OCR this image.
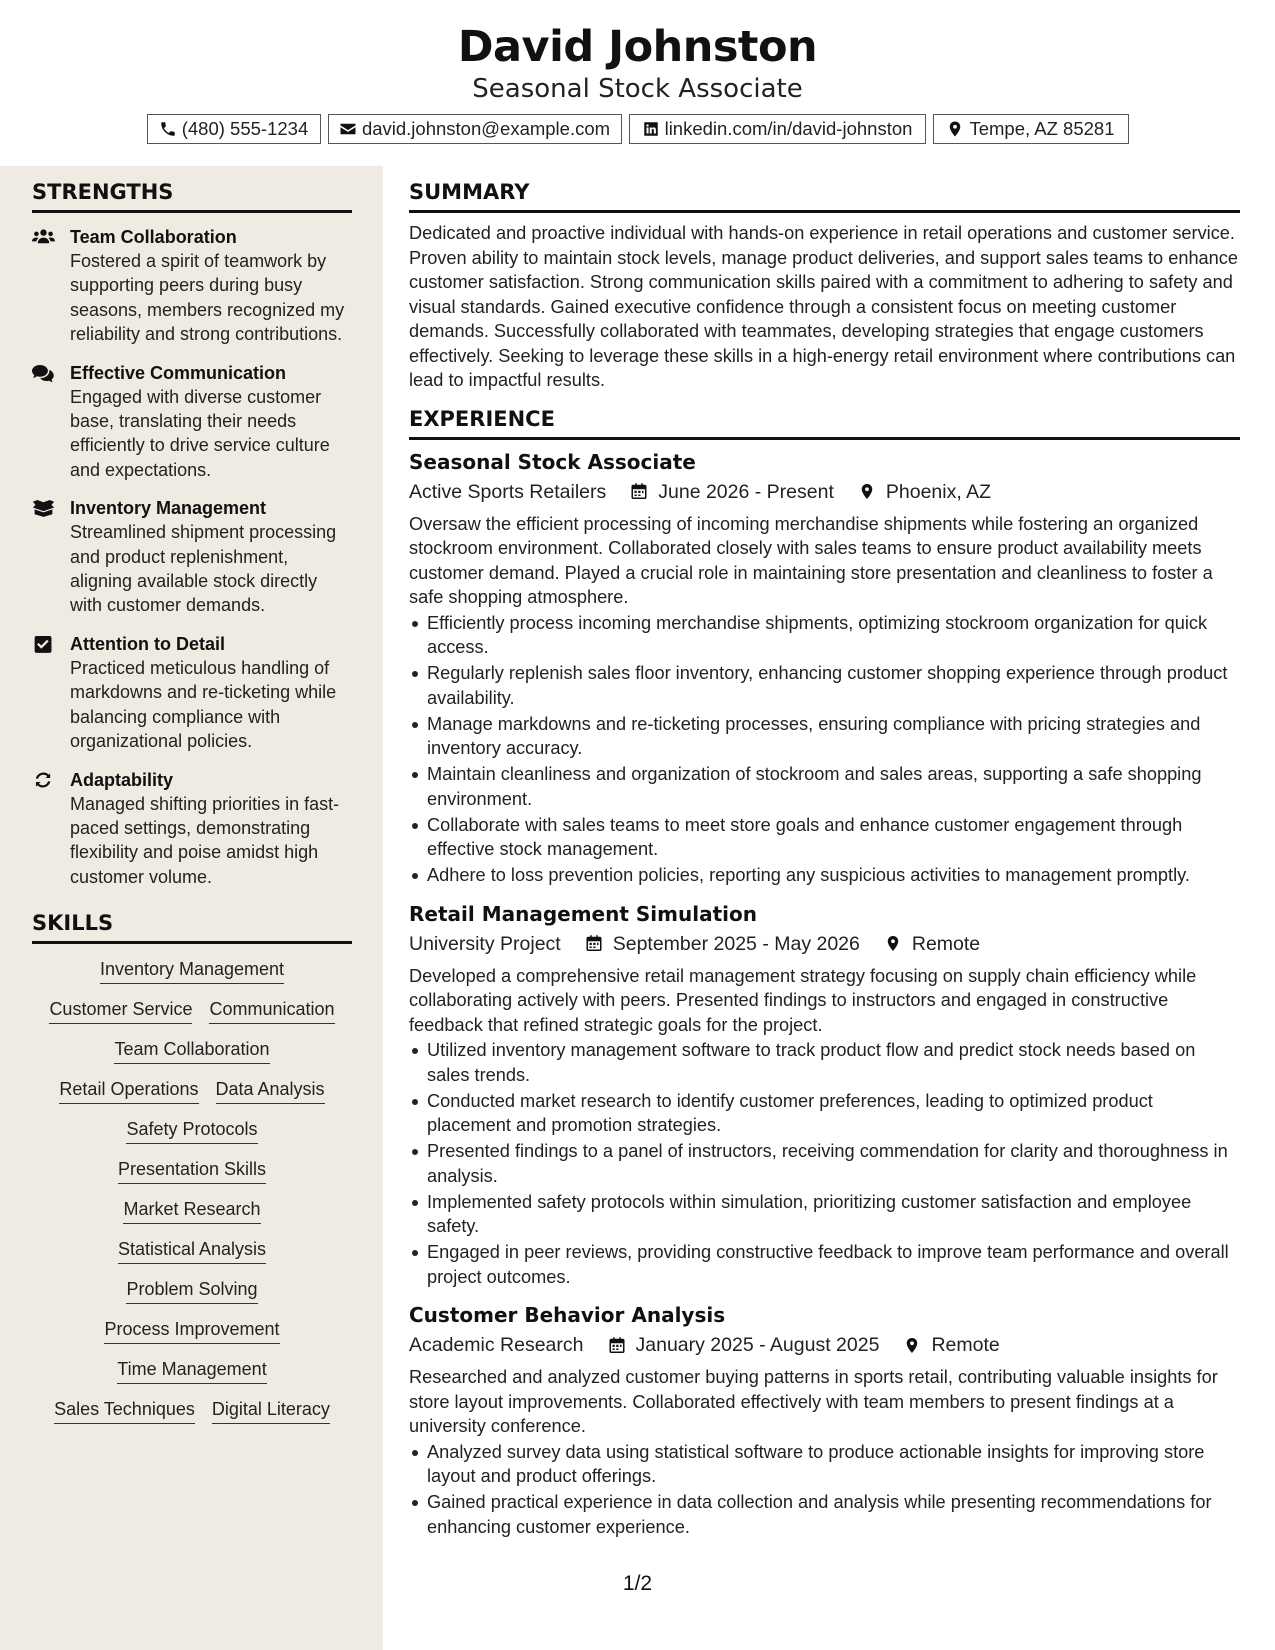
David Johnston
Seasonal Stock Associate
(480) 555-1234	david.johnston@example.com	linkedin.com/in/david-johnston	Tempe, AZ 85281
STRENGTHS
Team Collaboration
Fostered a spirit of teamwork by supporting peers during busy seasons, members recognized my reliability and strong contributions.
Effective Communication
Engaged with diverse customer base, translating their needs efficiently to drive service culture and expectations.
Inventory Management
Streamlined shipment processing and product replenishment, aligning available stock directly with customer demands.
Attention to Detail
Practiced meticulous handling of markdowns and re-ticketing while balancing compliance with organizational policies.
Adaptability
Managed shifting priorities in fast-paced settings, demonstrating flexibility and poise amidst high customer volume.
SKILLS
Inventory Management
Customer Service Communication
Team Collaboration
Retail Operations Data Analysis
Safety Protocols
Presentation Skills
Market Research
Statistical Analysis
Problem Solving
Process Improvement
Time Management
Sales Techniques Digital Literacy
SUMMARY
Dedicated and proactive individual with hands-on experience in retail operations and customer service. Proven ability to maintain stock levels, manage product deliveries, and support sales teams to enhance customer satisfaction. Strong communication skills paired with a commitment to adhering to safety and visual standards. Gained executive confidence through a consistent focus on meeting customer demands. Successfully collaborated with teammates, developing strategies that engage customers effectively. Seeking to leverage these skills in a high-energy retail environment where contributions can lead to impactful results.
EXPERIENCE
Seasonal Stock Associate
Active Sports Retailers	June 2026 - Present	Phoenix, AZ
Oversaw the efficient processing of incoming merchandise shipments while fostering an organized stockroom environment. Collaborated closely with sales teams to ensure product availability meets customer demand. Played a crucial role in maintaining store presentation and cleanliness to foster a safe shopping atmosphere.
Efficiently process incoming merchandise shipments, optimizing stockroom organization for quick access.
Regularly replenish sales floor inventory, enhancing customer shopping experience through product availability.
Manage markdowns and re-ticketing processes, ensuring compliance with pricing strategies and inventory accuracy.
Maintain cleanliness and organization of stockroom and sales areas, supporting a safe shopping environment.
Collaborate with sales teams to meet store goals and enhance customer engagement through effective stock management.
Adhere to loss prevention policies, reporting any suspicious activities to management promptly.
Retail Management Simulation
University Project	September 2025 - May 2026	Remote
Developed a comprehensive retail management strategy focusing on supply chain efficiency while collaborating actively with peers. Presented findings to instructors and engaged in constructive feedback that refined strategic goals for the project.
Utilized inventory management software to track product flow and predict stock needs based on sales trends.
Conducted market research to identify customer preferences, leading to optimized product placement and promotion strategies.
Presented findings to a panel of instructors, receiving commendation for clarity and thoroughness in analysis.
Implemented safety protocols within simulation, prioritizing customer satisfaction and employee safety.
Engaged in peer reviews, providing constructive feedback to improve team performance and overall project outcomes.
Customer Behavior Analysis
Academic Research	January 2025 - August 2025	Remote
Researched and analyzed customer buying patterns in sports retail, contributing valuable insights for store layout improvements. Collaborated effectively with team members to present findings at a university conference.
Analyzed survey data using statistical software to produce actionable insights for improving store layout and product offerings.
Gained practical experience in data collection and analysis while presenting recommendations for enhancing customer experience.
1/2
